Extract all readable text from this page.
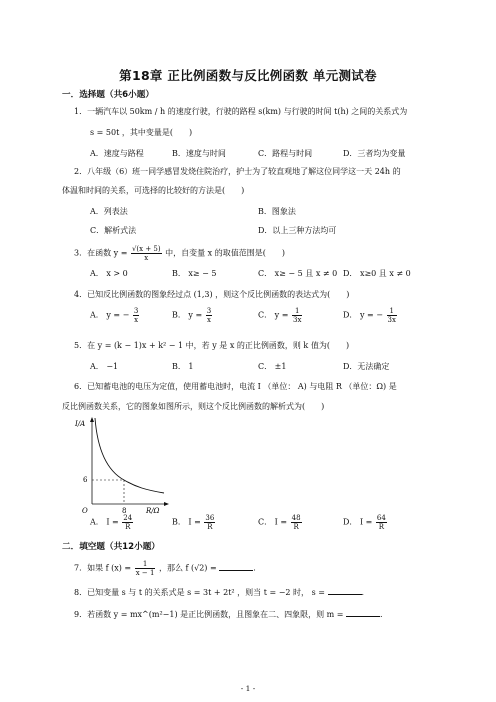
第18章 正比例函数与反比例函数 单元测试卷
一．选择题（共6小题）
1．一辆汽车以 50km / h 的速度行驶，行驶的路程 s(km) 与行驶的时间 t(h) 之间的关系式为
s = 50t ，其中变量是(　　)
A．速度与路程	B．速度与时间	C．路程与时间	D．三者均为变量
2．八年级（6）班一同学感冒发烧住院治疗，护士为了较直观地了解这位同学这一天 24h 的
体温和时间的关系，可选择的比较好的方法是(　　)
A．列表法	B．图象法
C．解析式法	D．以上三种方法均可
3．在函数 $y = \frac{√(x + 5)}{x}$ 中，自变量 x 的取值范围是(　　)
A． x > 0	B． x≥ − 5	C． x≥ − 5 且 x ≠ 0 D． x≥0 且 x ≠ 0
4．已知反比例函数的图象经过点 (1,3) ，则这个反比例函数的表达式为(　　)
A． y = − $\frac{3}{x}$	B． $y = \frac{3}{x}$	C． $y = \frac{1}{3x}$	D． y = − $\frac{1}{3x}$
5．在 y = (k − 1)x + k² − 1 中，若 y 是 x 的正比例函数，则 k 值为(　　)
A． −1	B． 1	C． ±1	D．无法确定
6．已知蓄电池的电压为定值，使用蓄电池时，电流 I （单位： A) 与电阻 R （单位：Ω) 是
反比例函数关系，它的图象如图所示，则这个反比例函数的解析式为(　　)
I/A
R/Ω
O
6
8
A． $I = \frac{24}{R}$	B． $I = \frac{36}{R}$	C． $I = \frac{48}{R}$	D． $I = \frac{64}{R}$
二．填空题（共12小题）
7．如果 f $(x) = \frac{1}{x - 1}$ ，那么 f (√2) =	.
8．已知变量 s 与 t 的关系式是 s = 3t + 2t² ，则当 t = −2 时， s =	.
9．若函数 y = mx^(m²−1) 是正比例函数，且图象在二、四象限，则 m =	.
- 1 -
